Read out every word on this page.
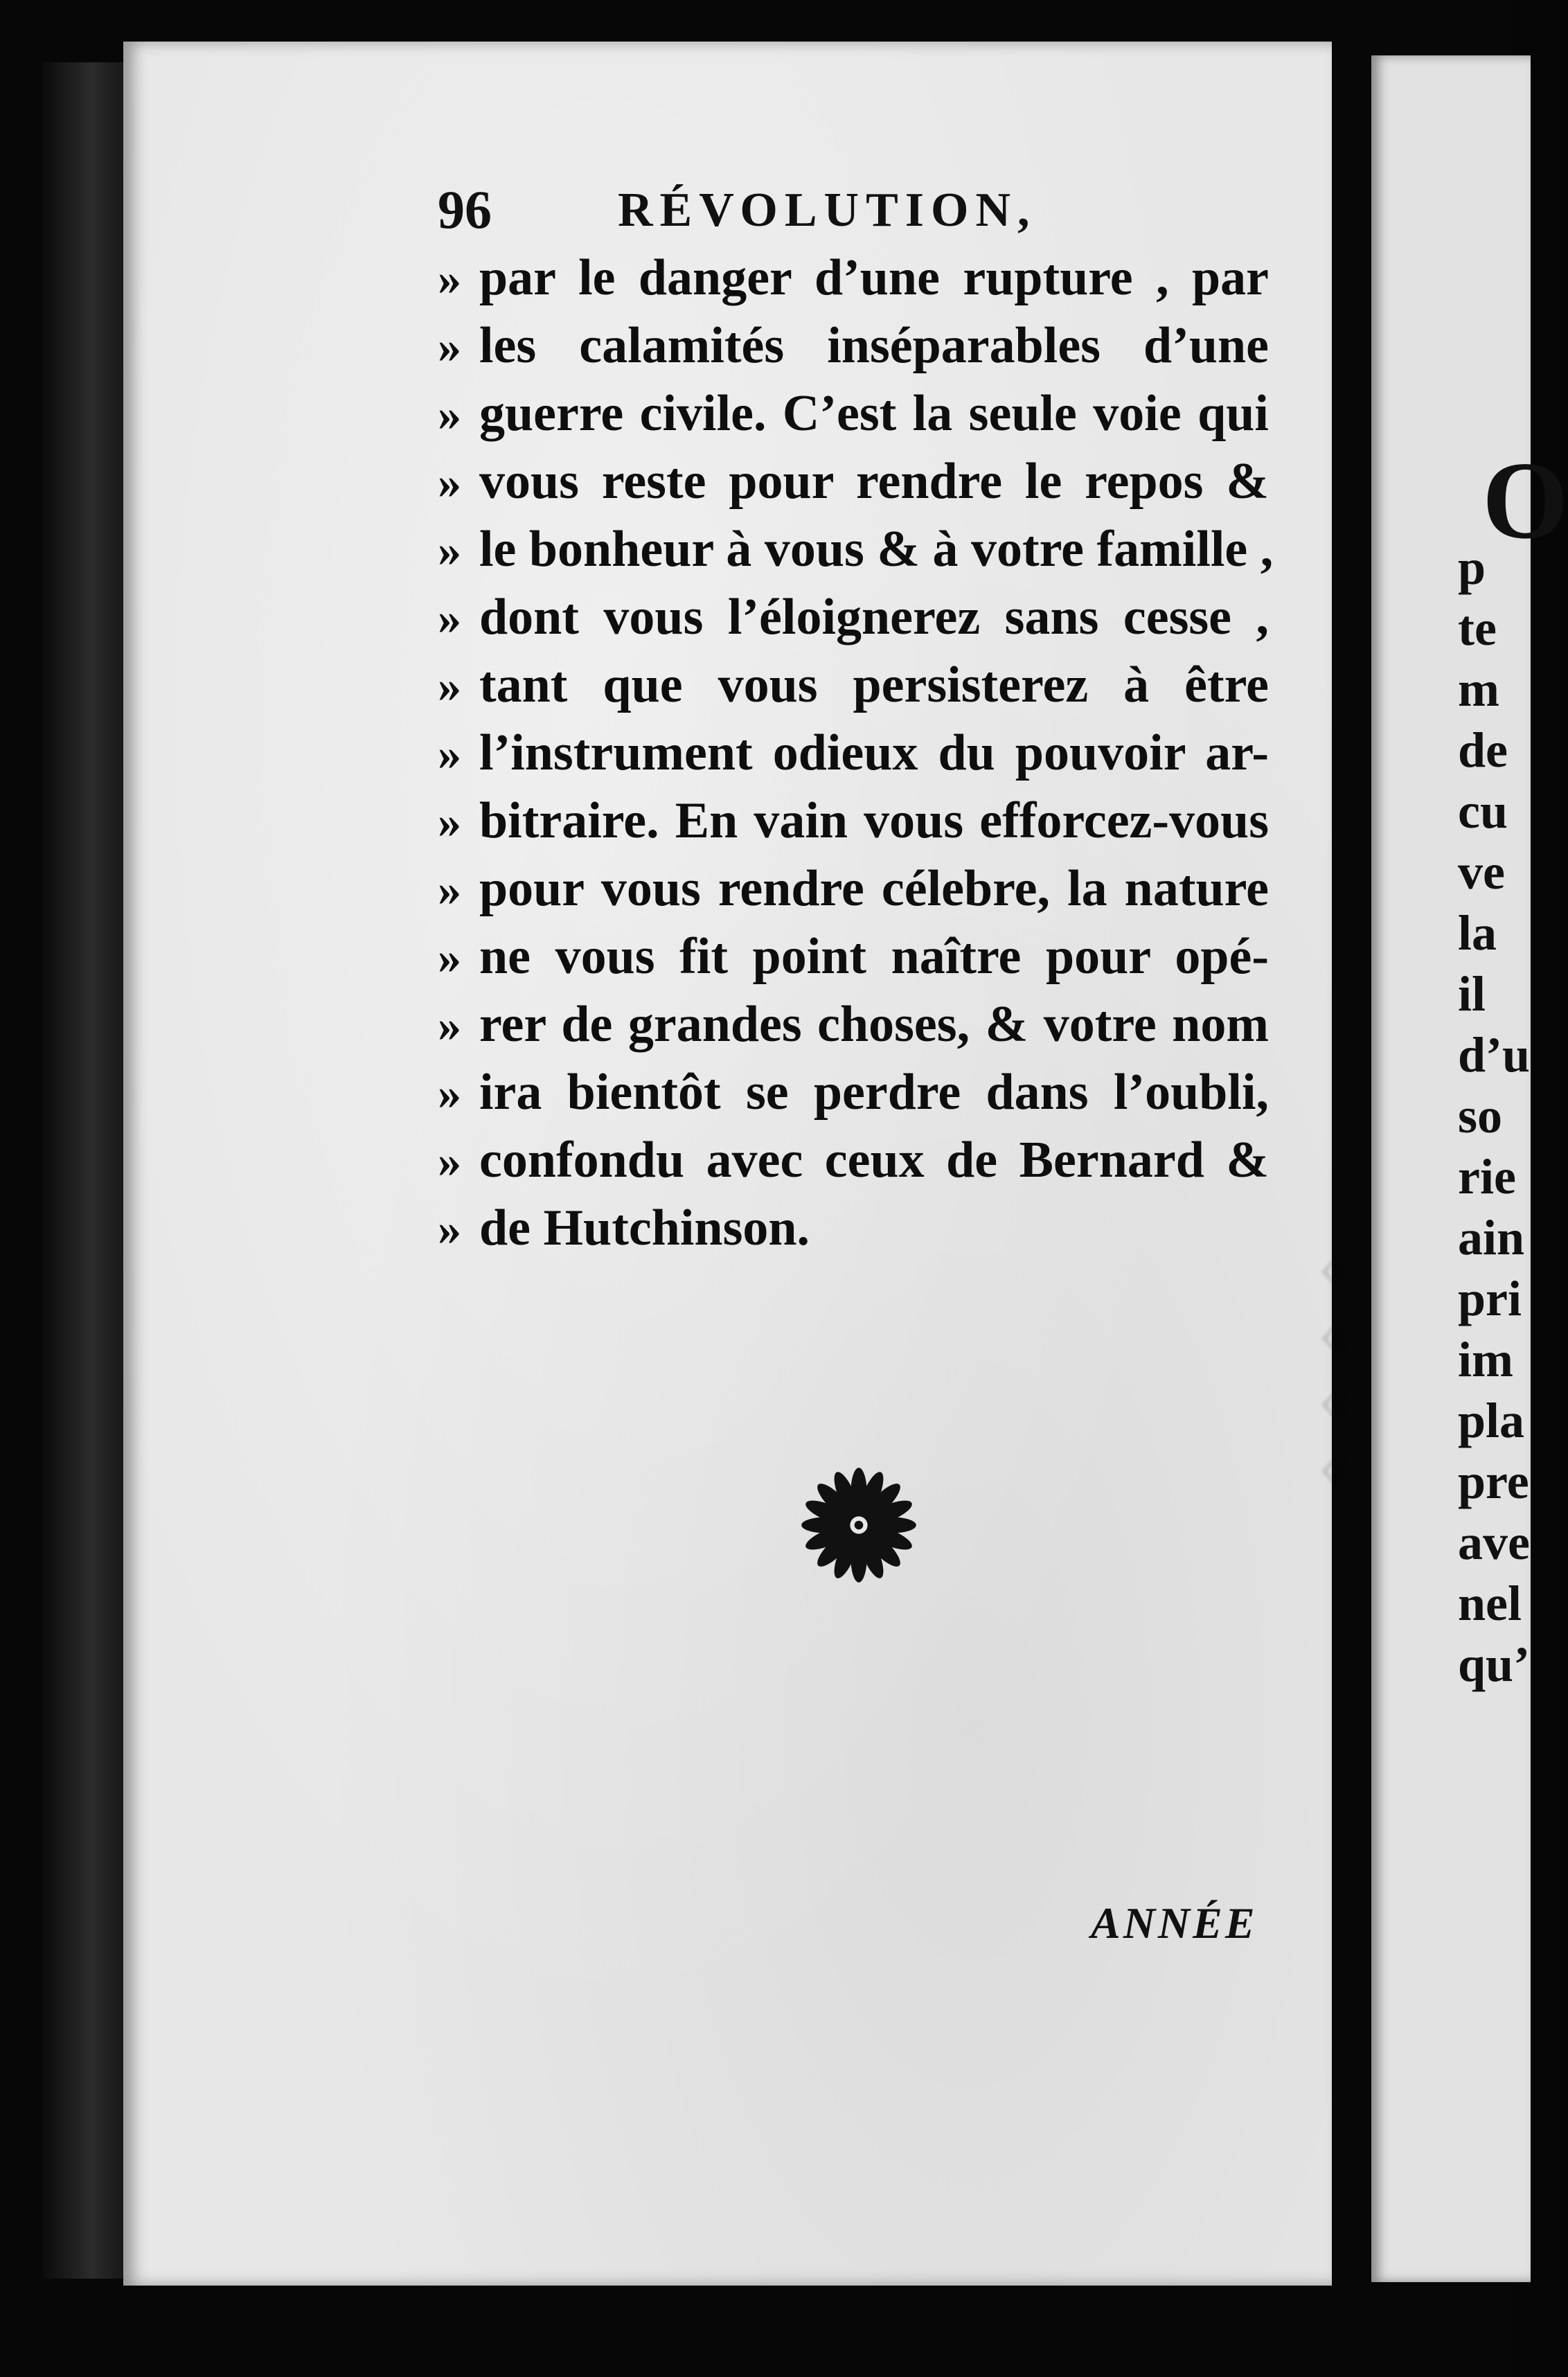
»
»
»
»
O
p
te
m
de
cu
ve
la
il
d’u
so
rie
ain
pri
im
pla
pre
ave
nel
qu’
96	RÉVOLUTION,
» par le danger d’une rupture , par
» les calamités inséparables d’une
» guerre civile. C’est la seule voie qui
» vous reste pour rendre le repos &
» le bonheur à vous & à votre famille ,
» dont vous l’éloignerez sans cesse ,
» tant que vous persisterez à être
» l’instrument odieux du pouvoir ar-
» bitraire. En vain vous efforcez-vous
» pour vous rendre célebre, la nature
» ne vous fit point naître pour opé-
» rer de grandes choses, & votre nom
» ira bientôt se perdre dans l’oubli,
» confondu avec ceux de Bernard &
» de Hutchinson.
ANNÉE
